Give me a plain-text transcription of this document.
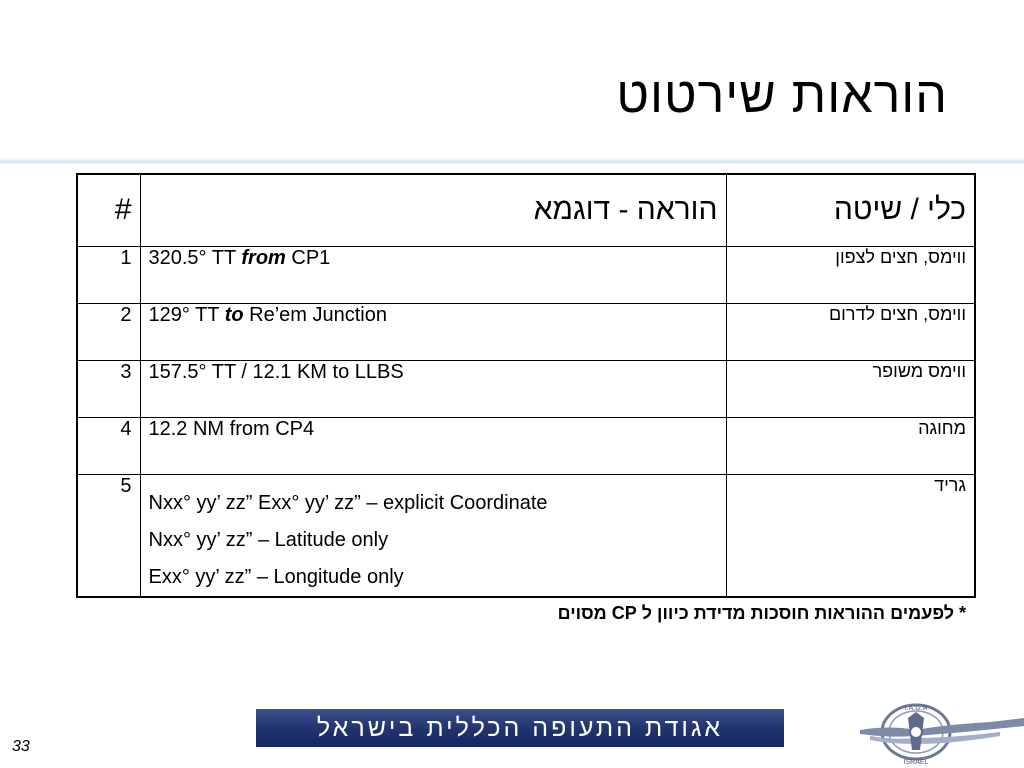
הוראות שירטוט
#	הוראה - דוגמא	כלי / שיטה
1	320.5° TT from CP1	ווימס, חצים לצפון
2	129° TT to Re’em Junction	ווימס, חצים לדרום
3	157.5° TT / 12.1 KM to LLBS	ווימס משופר
4	12.2 NM from CP4	מחוגה
5	Nxx° yy’ zz” Exx° yy’ zz” – explicit Coordinate
Nxx° yy’ zz” – Latitude only
Exx° yy’ zz” – Longitude only	גריד
* לפעמים ההוראות חוסכות מדידת כיוון ל CP מסוים
אגודת התעופה הכללית בישראל
33
I.A.G.A
ISRAEL
